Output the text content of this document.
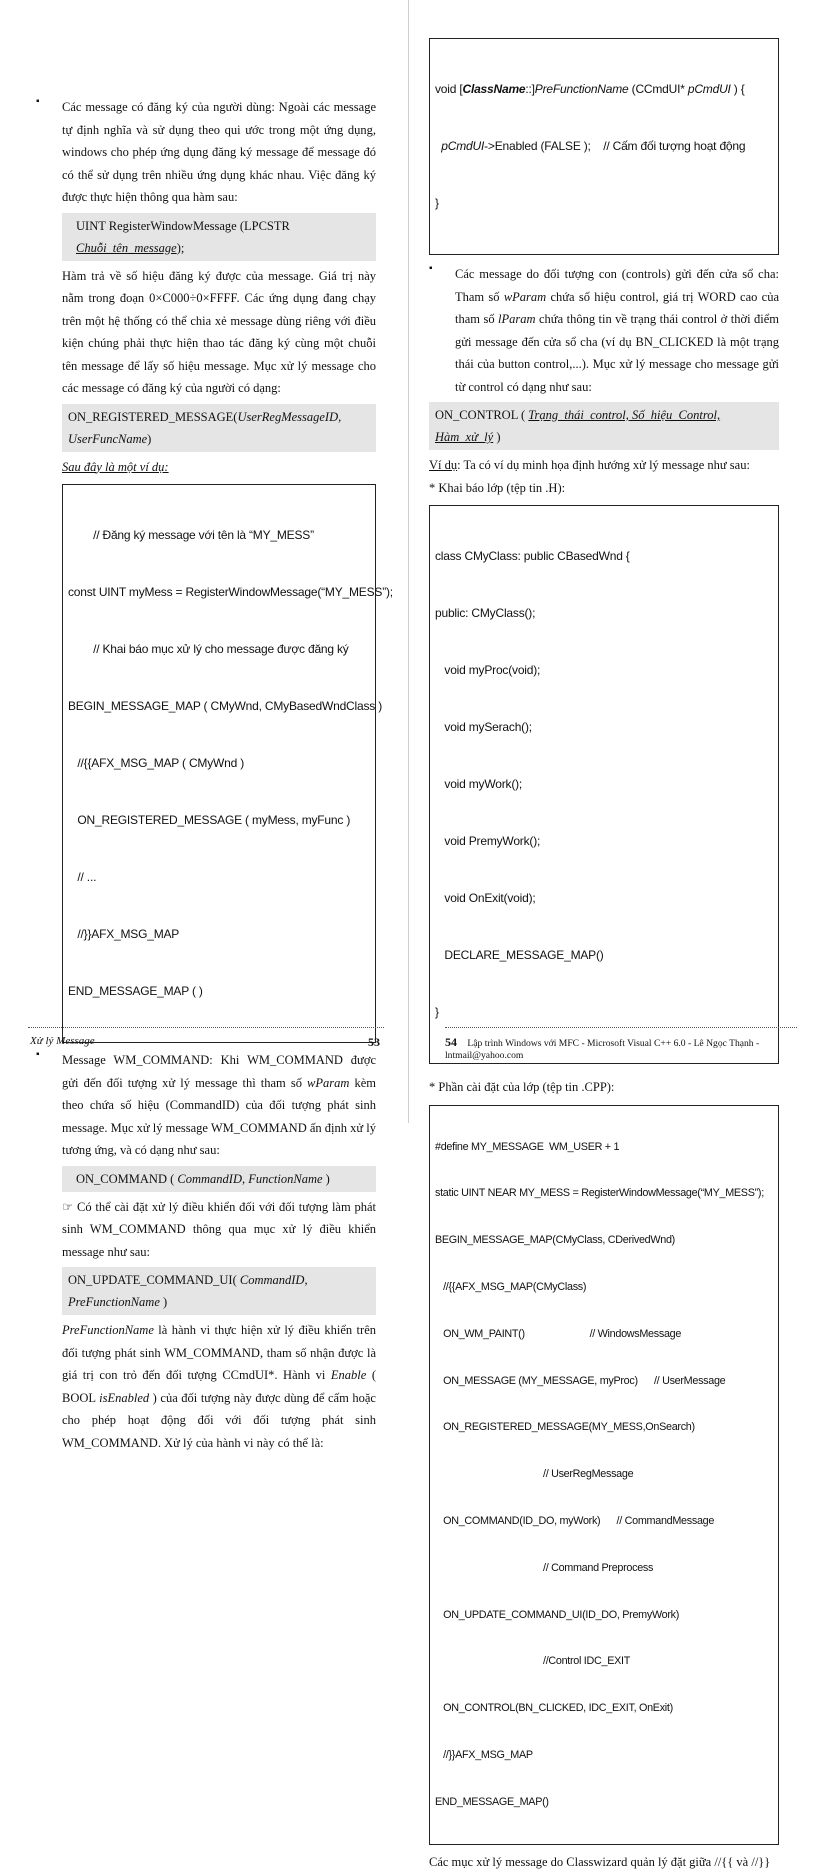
▪ Các message có đăng ký của người dùng: Ngoài các message tự định nghĩa và sử dụng theo qui ước trong một ứng dụng, windows cho phép ứng dụng đăng ký message để message đó có thể sử dụng trên nhiều ứng dụng khác nhau. Việc đăng ký được thực hiện thông qua hàm sau:

UINT RegisterWindowMessage (LPCSTR Chuỗi_tên_message);

Hàm trả về số hiệu đăng ký được của message. Giá trị này nằm trong đoạn 0×C000÷0×FFFF. Các ứng dụng đang chạy trên một hệ thống có thể chia xẻ message dùng riêng với điều kiện chúng phải thực hiện thao tác đăng ký cùng một chuỗi tên message để lấy số hiệu message. Mục xử lý message cho các message có đăng ký của người có dạng:

ON_REGISTERED_MESSAGE(UserRegMessageID, UserFuncName)

Sau đây là một ví dụ:

// Đăng ký message với tên là “MY_MESS”

const UINT myMess = RegisterWindowMessage(“MY_MESS”);

// Khai báo mục xử lý cho message được đăng ký

BEGIN_MESSAGE_MAP ( CMyWnd, CMyBasedWndClass )

//{{AFX_MSG_MAP ( CMyWnd )

ON_REGISTERED_MESSAGE ( myMess, myFunc )

// ...

//}}AFX_MSG_MAP

END_MESSAGE_MAP ( )

▪ Message WM_COMMAND: Khi WM_COMMAND được gửi đến đối tượng xử lý message thì tham số wParam kèm theo chứa số hiệu (CommandID) của đối tượng phát sinh message. Mục xử lý message WM_COMMAND ấn định xử lý tương ứng, và có dạng như sau:

ON_COMMAND ( CommandID, FunctionName )

☞ Có thể cài đặt xử lý điều khiển đối với đối tượng làm phát sinh WM_COMMAND thông qua mục xử lý điều khiển message như sau:

ON_UPDATE_COMMAND_UI( CommandID, PreFunctionName )

PreFunctionName là hành vi thực hiện xử lý điều khiển trên đối tượng phát sinh WM_COMMAND, tham số nhận được là giá trị con trỏ đến đối tượng CCmdUI*. Hành vi Enable ( BOOL isEnabled ) của đối tượng này được dùng để cấm hoặc cho phép hoạt động đối với đối tượng phát sinh WM_COMMAND. Xử lý của hành vi này có thể là:

Xử lý Message	53

void [ClassName::]PreFunctionName (CCmdUI* pCmdUI ) {

pCmdUI->Enabled (FALSE );    // Cấm đối tượng hoạt động

}

▪ Các message do đối tượng con (controls) gửi đến cửa sổ cha: Tham số wParam chứa số hiệu control, giá trị WORD cao của tham số lParam chứa thông tin về trạng thái control ở thời điểm gửi message đến cửa sổ cha (ví dụ BN_CLICKED là một trạng thái của button control,...). Mục xử lý message cho message gửi từ control có dạng như sau:

ON_CONTROL ( Trạng_thái_control, Số_hiệu_Control, Hàm_xử_lý )

Ví dụ: Ta có ví dụ minh họa định hướng xử lý message như sau:

* Khai báo lớp (tệp tin .H):

class CMyClass: public CBasedWnd {

public: CMyClass();

void myProc(void);

void mySerach();

void myWork();

void PremyWork();

void OnExit(void);

DECLARE_MESSAGE_MAP()

}

* Phần cài đặt của lớp (tệp tin .CPP):

#define MY_MESSAGE  WM_USER + 1

static UINT NEAR MY_MESS = RegisterWindowMessage(“MY_MESS”);

BEGIN_MESSAGE_MAP(CMyClass, CDerivedWnd)

//{{AFX_MSG_MAP(CMyClass)

ON_WM_PAINT()                        // WindowsMessage

ON_MESSAGE (MY_MESSAGE, myProc)      // UserMessage

ON_REGISTERED_MESSAGE(MY_MESS,OnSearch)

// UserRegMessage

ON_COMMAND(ID_DO, myWork)      // CommandMessage

// Command Preprocess

ON_UPDATE_COMMAND_UI(ID_DO, PremyWork)

//Control IDC_EXIT

ON_CONTROL(BN_CLICKED, IDC_EXIT, OnExit)

//}}AFX_MSG_MAP

END_MESSAGE_MAP()

Các mục xử lý message do Classwizard quản lý đặt giữa //{{ và //}}

54 Lập trình Windows với MFC - Microsoft Visual C++ 6.0 - Lê Ngọc Thạnh - lntmail@yahoo.com
